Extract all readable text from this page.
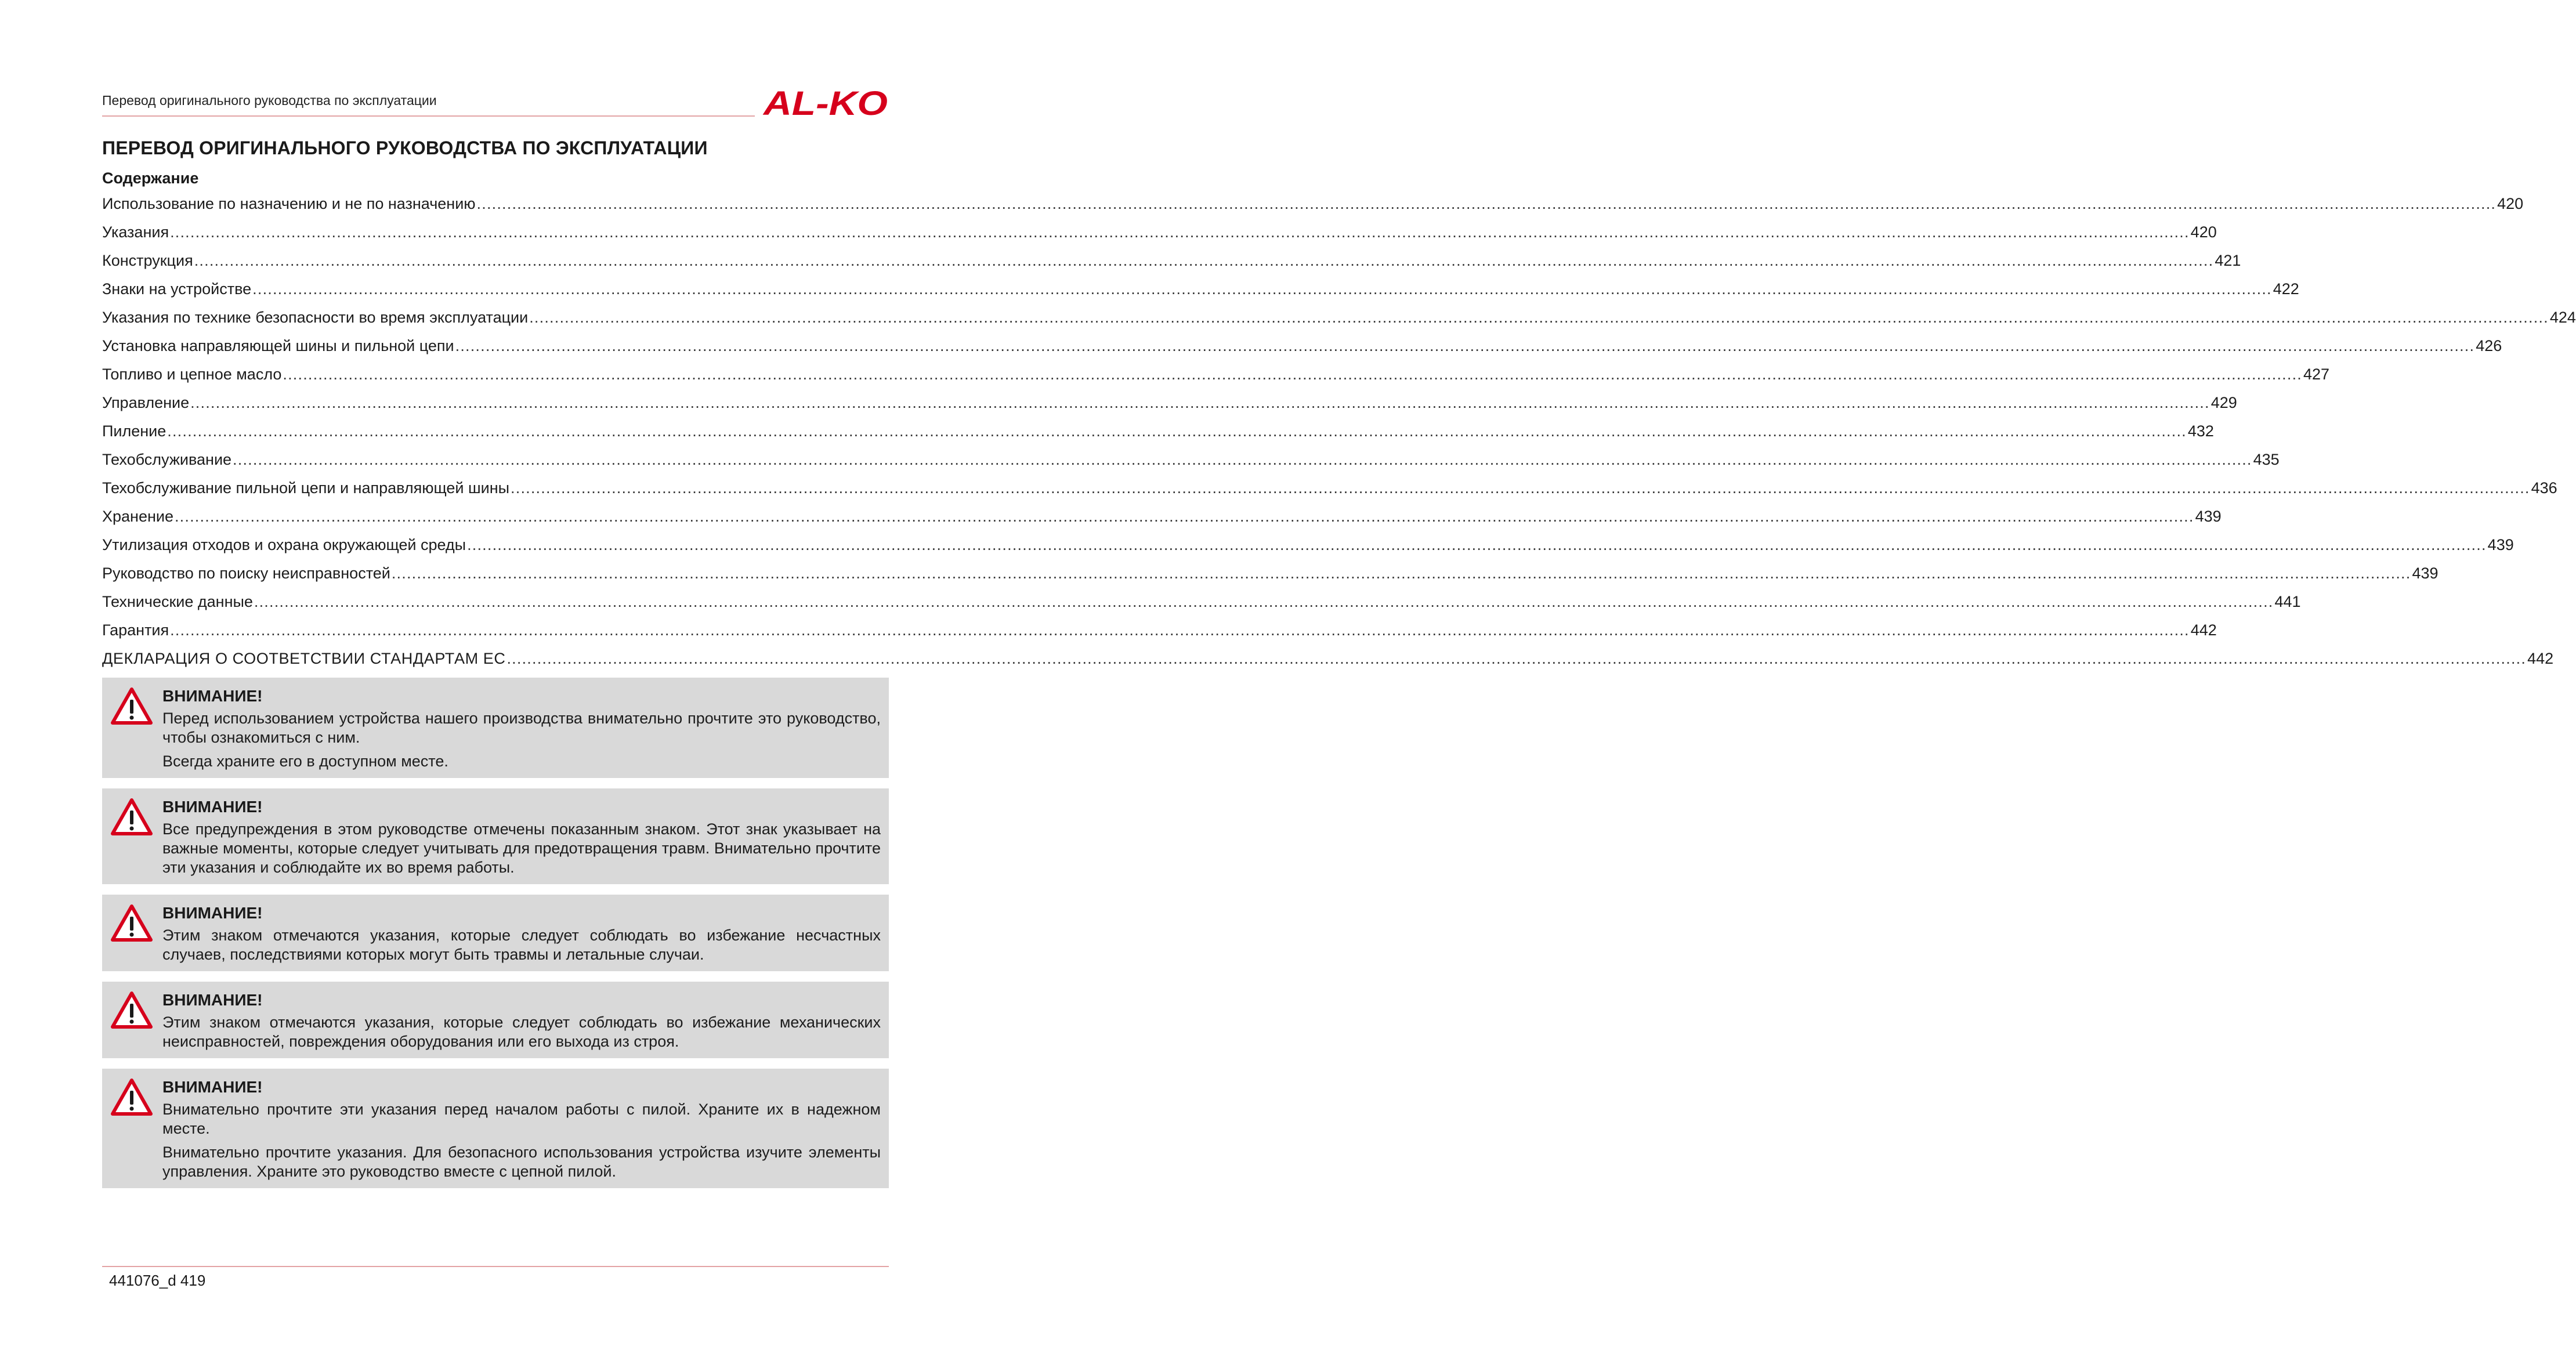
Перевод оригинального руководства по эксплуатации	AL-KO
ПЕРЕВОД ОРИГИНАЛЬНОГО РУКОВОДСТВА ПО ЭКСПЛУАТАЦИИ
Содержание
Использование по назначению и не по назначению ................................................................................................................................................................................................................................................................................................................................................................................................................ 420
Указания ................................................................................................................................................................................................................................................................................................................................................................................................................ 420
Конструкция ................................................................................................................................................................................................................................................................................................................................................................................................................ 421
Знаки на устройстве ................................................................................................................................................................................................................................................................................................................................................................................................................ 422
Указания по технике безопасности во время эксплуатации ................................................................................................................................................................................................................................................................................................................................................................................................................ 424
Установка направляющей шины и пильной цепи ................................................................................................................................................................................................................................................................................................................................................................................................................ 426
Топливо и цепное масло ................................................................................................................................................................................................................................................................................................................................................................................................................ 427
Управление ................................................................................................................................................................................................................................................................................................................................................................................................................ 429
Пиление ................................................................................................................................................................................................................................................................................................................................................................................................................ 432
Техобслуживание ................................................................................................................................................................................................................................................................................................................................................................................................................ 435
Техобслуживание пильной цепи и направляющей шины ................................................................................................................................................................................................................................................................................................................................................................................................................ 436
Хранение ................................................................................................................................................................................................................................................................................................................................................................................................................ 439
Утилизация отходов и охрана окружающей среды ................................................................................................................................................................................................................................................................................................................................................................................................................ 439
Руководство по поиску неисправностей ................................................................................................................................................................................................................................................................................................................................................................................................................ 439
Технические данные ................................................................................................................................................................................................................................................................................................................................................................................................................ 441
Гарантия ................................................................................................................................................................................................................................................................................................................................................................................................................ 442
ДЕКЛАРАЦИЯ О СООТВЕТСТВИИ СТАНДАРТАМ ЕС ................................................................................................................................................................................................................................................................................................................................................................................................................ 442
ВНИМАНИЕ!
Перед использованием устройства нашего производства внимательно прочтите это руководство, чтобы ознакомиться с ним.
Всегда храните его в доступном месте.
ВНИМАНИЕ!
Все предупреждения в этом руководстве отмечены показанным знаком. Этот знак указывает на важные моменты, которые следует учитывать для предотвращения травм. Внимательно прочтите эти указания и соблюдайте их во время работы.
ВНИМАНИЕ!
Этим знаком отмечаются указания, которые следует соблюдать во избежание несчастных случаев, последствиями которых могут быть травмы и летальные случаи.
ВНИМАНИЕ!
Этим знаком отмечаются указания, которые следует соблюдать во избежание механических неисправностей, повреждения оборудования или его выхода из строя.
ВНИМАНИЕ!
Внимательно прочтите эти указания перед началом работы с пилой. Храните их в надежном месте.
Внимательно прочтите указания. Для безопасного использования устройства изучите элементы управления. Храните это руководство вместе с цепной пилой.
441076_d 419
